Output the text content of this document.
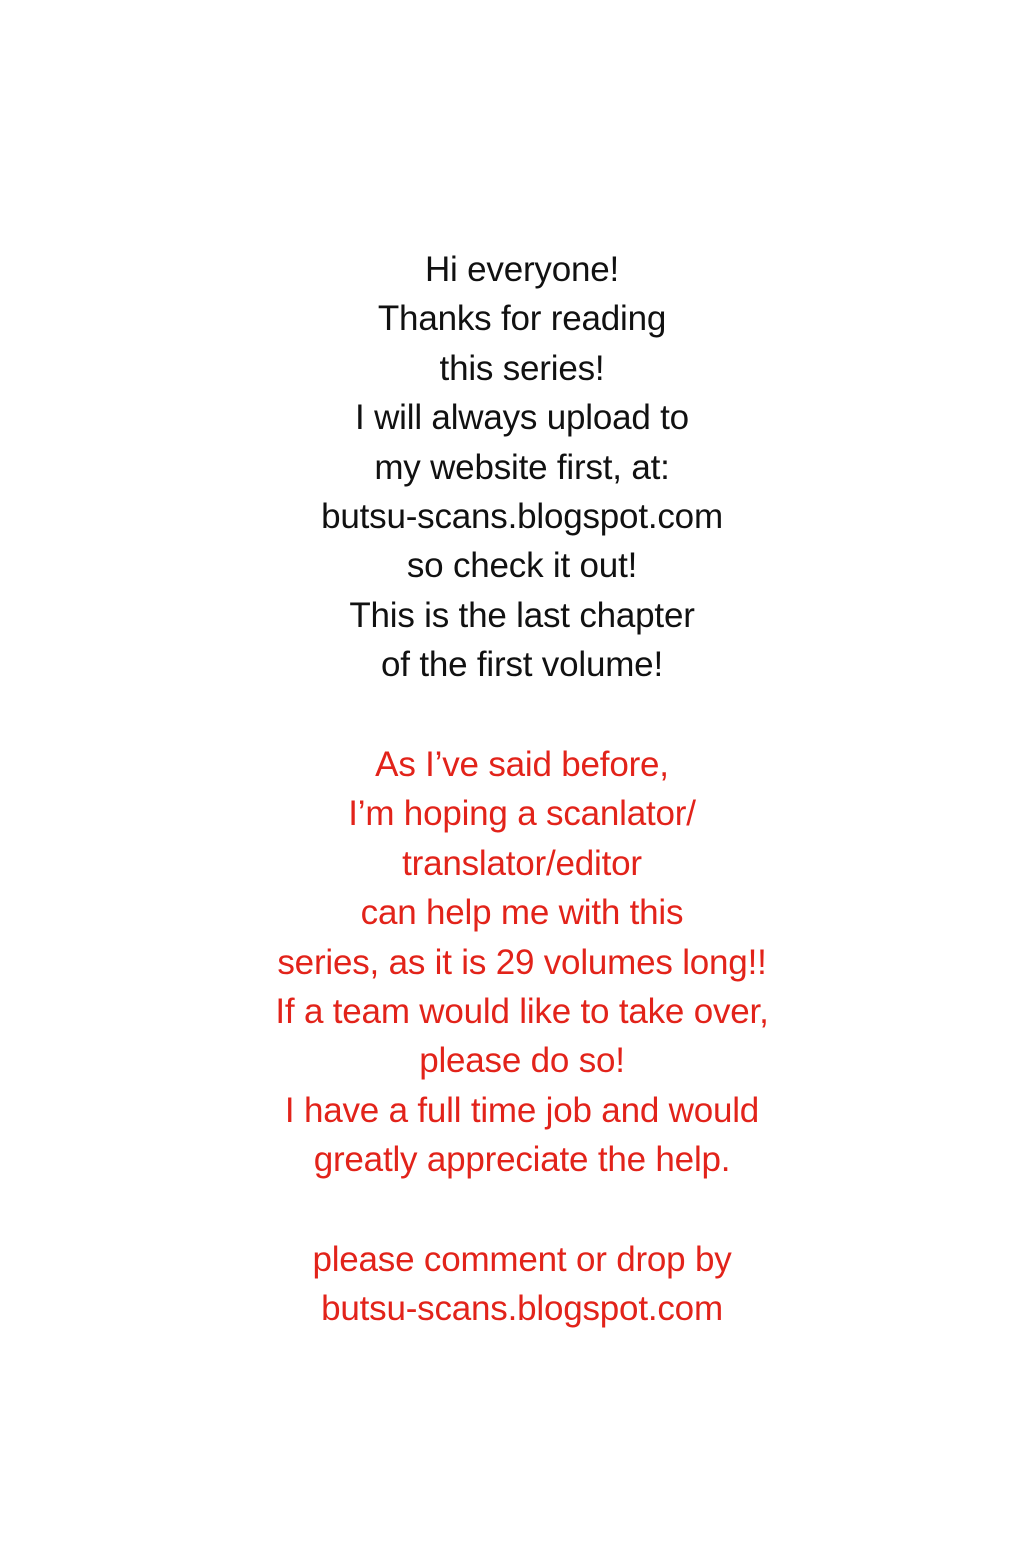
Hi everyone!

Thanks for reading

this series!

I will always upload to

my website first, at:

butsu-scans.blogspot.com

so check it out!

This is the last chapter

of the first volume!

As I’ve said before,

I’m hoping a scanlator/

translator/editor

can help me with this

series, as it is 29 volumes long!!

If a team would like to take over,

please do so!

I have a full time job and would

greatly appreciate the help.

please comment or drop by

butsu-scans.blogspot.com
